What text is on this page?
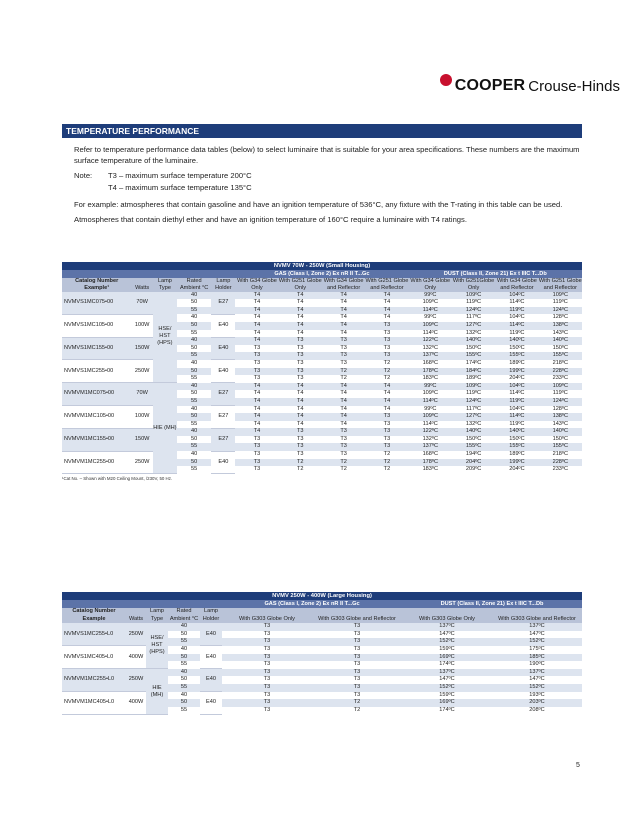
COOPER Crouse-Hinds
TEMPERATURE PERFORMANCE

Refer to temperature performance data tables (below) to select luminaire that is suitable for your area specifications. These numbers are the maximum surface temperature of the luminaire.

Note:	T3 – maximum surface temperature 200°C
T4 – maximum surface temperature 135°C

For example: atmospheres that contain gasoline and have an ignition temperature of 536°C, any fixture with the T-rating in this table can be used.

Atmospheres that contain diethyl ether and have an ignition temperature of 160°C require a luminaire with T4 ratings.

NVMV 70W - 250W (Small Housing)												
					GAS (Class I, Zone 2) Ex nR II T...Gc				DUST (Class II, Zone 21) Ex t IIIC T...Db			
Catalog Number Example¹	Watts	Lamp Type	Rated Ambient °C	Lamp Holder	With G34 Globe Only	With G251 Globe Only	With G34 Globe and Reflector	With G251 Globe and Reflector	With G34 Globe Only	With G251Globe Only	With G34 Globe and Reflector	With G251 Globe and Reflector
NVMVS1MC075•00	70W	HSE/ HST (HPS)	40	E27	T4	T4	T4	T4	99ºC	109ºC	104ºC	109ºC
			50		T4	T4	T4	T4	109ºC	119ºC	114ºC	119ºC
			55		T4	T4	T4	T4	114ºC	124ºC	119ºC	124ºC
NVMVS1MC105•00	100W		40	E40	T4	T4	T4	T4	99ºC	117ºC	104ºC	128ºC
			50		T4	T4	T4	T3	109ºC	127ºC	114ºC	138ºC
			55		T4	T4	T4	T3	114ºC	132ºC	119ºC	143ºC
NVMVS1MC155•00	150W		40	E40	T4	T3	T3	T3	122ºC	140ºC	140ºC	140ºC
			50		T3	T3	T3	T3	132ºC	150ºC	150ºC	150ºC
			55		T3	T3	T3	T3	137ºC	155ºC	155ºC	155ºC
NVMVS1MC255•00	250W		40	E40	T3	T3	T3	T2	168ºC	174ºC	189ºC	218ºC
			50		T3	T3	T2	T2	178ºC	184ºC	199ºC	228ºC
			55		T3	T3	T2	T2	183ºC	189ºC	204ºC	233ºC
NVMVM1MC075•00	70W	HIE (MH)	40	E27	T4	T4	T4	T4	99ºC	109ºC	104ºC	109ºC
			50		T4	T4	T4	T4	109ºC	119ºC	114ºC	119ºC
			55		T4	T4	T4	T4	114ºC	124ºC	119ºC	124ºC
NVMVM1MC105•00	100W		40	E27	T4	T4	T4	T4	99ºC	117ºC	104ºC	128ºC
			50		T4	T4	T4	T3	109ºC	127ºC	114ºC	138ºC
			55		T4	T4	T4	T3	114ºC	132ºC	119ºC	143ºC
NVMVM1MC155•00	150W		40	E27	T4	T3	T3	T3	122ºC	140ºC	140ºC	140ºC
			50		T3	T3	T3	T3	132ºC	150ºC	150ºC	150ºC
			55		T3	T3	T3	T3	137ºC	155ºC	155ºC	155ºC
NVMVM1MC255•00	250W		40	E40	T3	T3	T3	T2	168ºC	194ºC	189ºC	218ºC
			50		T3	T2	T2	T2	178ºC	204ºC	199ºC	228ºC
			55		T3	T2	T2	T2	183ºC	209ºC	204ºC	233ºC
¹Cat No. – Shown with M20 Ceiling Mount, /230V, 50 Hz.
NVMV 250W - 400W (Large Housing)								
					GAS (Class I, Zone 2) Ex nR II T...Gc		DUST (Class II, Zone 21) Ex t IIIC T...Db	
Catalog Number Example	Watts	Lamp Type	Rated Ambient °C	Lamp Holder	With G303 Globe Only	With G303 Globe and Reflector	With G303 Globe Only	With G303 Globe and Reflector
NVMVS1MC255•L0	250W	HSE/ HST (HPS)	40	E40	T3	T3	137ºC	137ºC
			50		T3	T3	147ºC	147ºC
			55		T3	T3	152ºC	152ºC
NVMVS1MC405•L0	400W		40	E40	T3	T3	159ºC	175ºC
			50		T3	T3	169ºC	185ºC
			55		T3	T3	174ºC	190ºC
NVMVM1MC255•L0	250W	HIE (MH)	40	E40	T3	T3	137ºC	137ºC
			50		T3	T3	147ºC	147ºC
			55		T3	T3	152ºC	152ºC
NVMVM1MC405•L0	400W		40	E40	T3	T3	159ºC	193ºC
			50		T3	T2	169ºC	203ºC
			55		T3	T2	174ºC	208ºC
5
